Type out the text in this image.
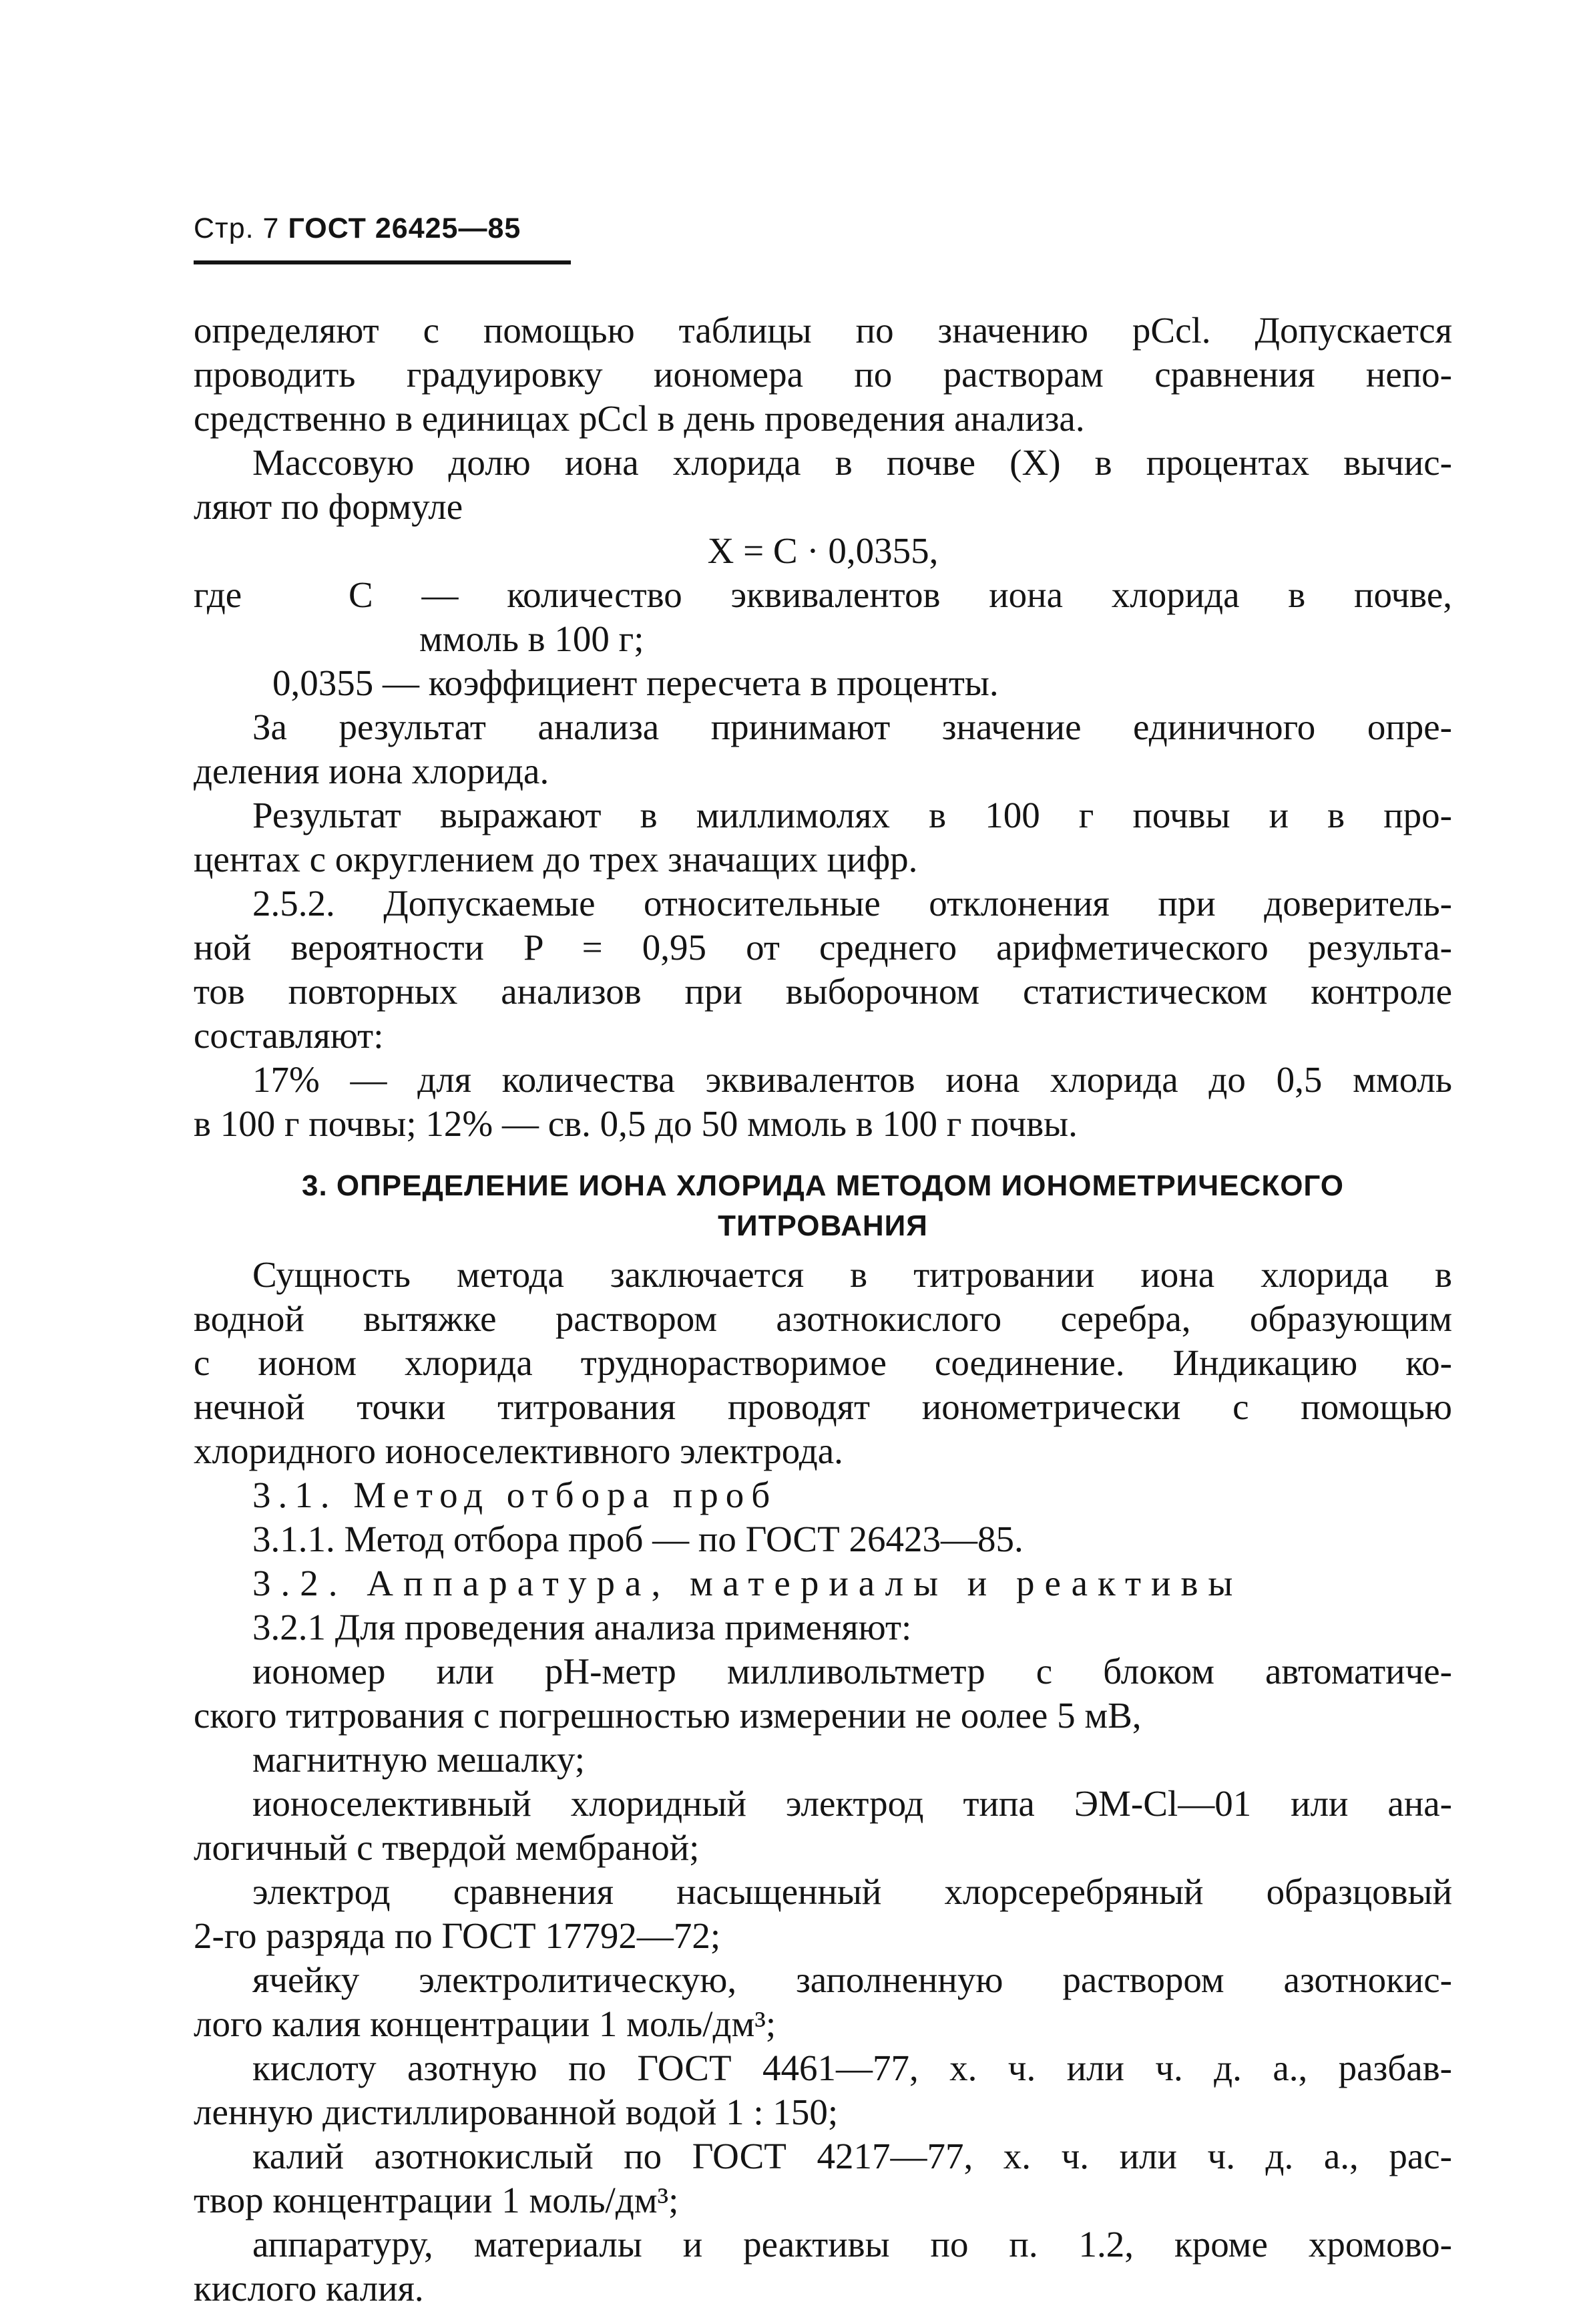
Стр. 7 ГОСТ 26425—85
определяют с помощью таблицы по значению pCcl. Допускается
проводить градуировку иономера по растворам сравнения непо-
средственно в единицах pCcl в день проведения анализа.
Массовую долю иона хлорида в почве (X) в процентах вычис-
ляют по формуле
X = C · 0,0355,
где	C — количество эквивалентов иона хлорида в почве,
ммоль в 100 г;
0,0355 — коэффициент пересчета в проценты.
За результат анализа принимают значение единичного опре-
деления иона хлорида.
Результат выражают в миллимолях в 100 г почвы и в про-
центах с округлением до трех значащих цифр.
2.5.2. Допускаемые относительные отклонения при доверитель-
ной вероятности P = 0,95 от среднего арифметического результа-
тов повторных анализов при выборочном статистическом контроле
составляют:
17% — для количества эквивалентов иона хлорида до 0,5 ммоль
в 100 г почвы; 12% — св. 0,5 до 50 ммоль в 100 г почвы.
3. ОПРЕДЕЛЕНИЕ ИОНА ХЛОРИДА МЕТОДОМ ИОНОМЕТРИЧЕСКОГО
ТИТРОВАНИЯ
Сущность метода заключается в титровании иона хлорида в
водной вытяжке раствором азотнокислого серебра, образующим
с ионом хлорида труднорастворимое соединение. Индикацию ко-
нечной точки титрования проводят ионометрически с помощью
хлоридного ионоселективного электрода.
3.1. Метод отбора проб
3.1.1. Метод отбора проб — по ГОСТ 26423—85.
3.2. Аппаратура, материалы и реактивы
3.2.1 Для проведения анализа применяют:
иономер или pH-метр милливольтметр с блоком автоматиче-
ского титрования с погрешностью измерении не oолее 5 мВ,
магнитную мешалку;
ионоселективный хлоридный электрод типа ЭМ-Cl—01 или ана-
логичный с твердой мембраной;
электрод сравнения насыщенный хлорсеребряный образцовый
2-го разряда по ГОСТ 17792—72;
ячейку электролитическую, заполненную раствором азотнокис-
лого калия концентрации 1 моль/дм³;
кислоту азотную по ГОСТ 4461—77, х. ч. или ч. д. а., разбав-
ленную дистиллированной водой 1 : 150;
калий азотнокислый по ГОСТ 4217—77, х. ч. или ч. д. а., рас-
твор концентрации 1 моль/дм³;
аппаратуру, материалы и реактивы по п. 1.2, кроме хромово-
кислого калия.
